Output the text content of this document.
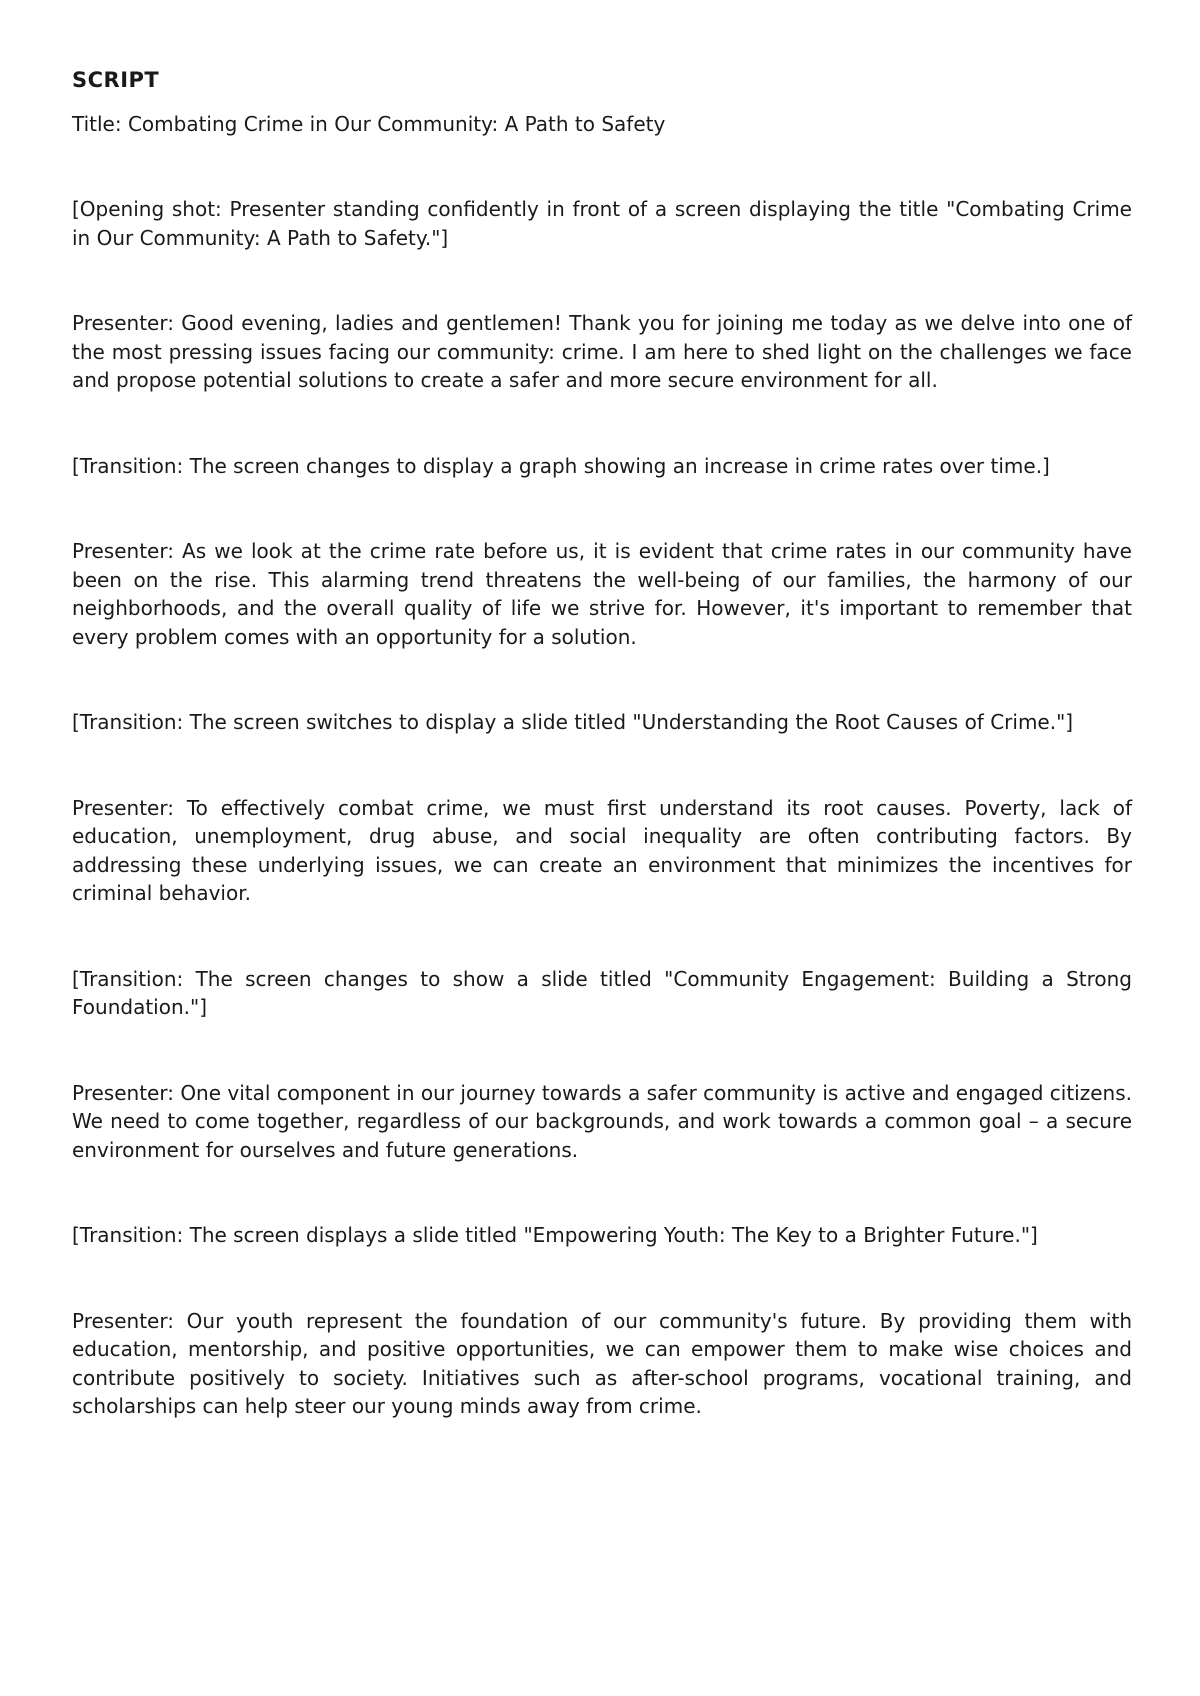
SCRIPT
Title: Combating Crime in Our Community: A Path to Safety

[Opening shot: Presenter standing confidently in front of a screen displaying the title "Combating Crime in Our Community: A Path to Safety."]

Presenter: Good evening, ladies and gentlemen! Thank you for joining me today as we delve into one of the most pressing issues facing our community: crime. I am here to shed light on the challenges we face and propose potential solutions to create a safer and more secure environment for all.

[Transition: The screen changes to display a graph showing an increase in crime rates over time.]

Presenter: As we look at the crime rate before us, it is evident that crime rates in our community have been on the rise. This alarming trend threatens the well-being of our families, the harmony of our neighborhoods, and the overall quality of life we strive for. However, it's important to remember that every problem comes with an opportunity for a solution.

[Transition: The screen switches to display a slide titled "Understanding the Root Causes of Crime."]

Presenter: To effectively combat crime, we must first understand its root causes. Poverty, lack of education, unemployment, drug abuse, and social inequality are often contributing factors. By addressing these underlying issues, we can create an environment that minimizes the incentives for criminal behavior.

[Transition: The screen changes to show a slide titled "Community Engagement: Building a Strong Foundation."]

Presenter: One vital component in our journey towards a safer community is active and engaged citizens. We need to come together, regardless of our backgrounds, and work towards a common goal – a secure environment for ourselves and future generations.

[Transition: The screen displays a slide titled "Empowering Youth: The Key to a Brighter Future."]

Presenter: Our youth represent the foundation of our community's future. By providing them with education, mentorship, and positive opportunities, we can empower them to make wise choices and contribute positively to society. Initiatives such as after-school programs, vocational training, and scholarships can help steer our young minds away from crime.
